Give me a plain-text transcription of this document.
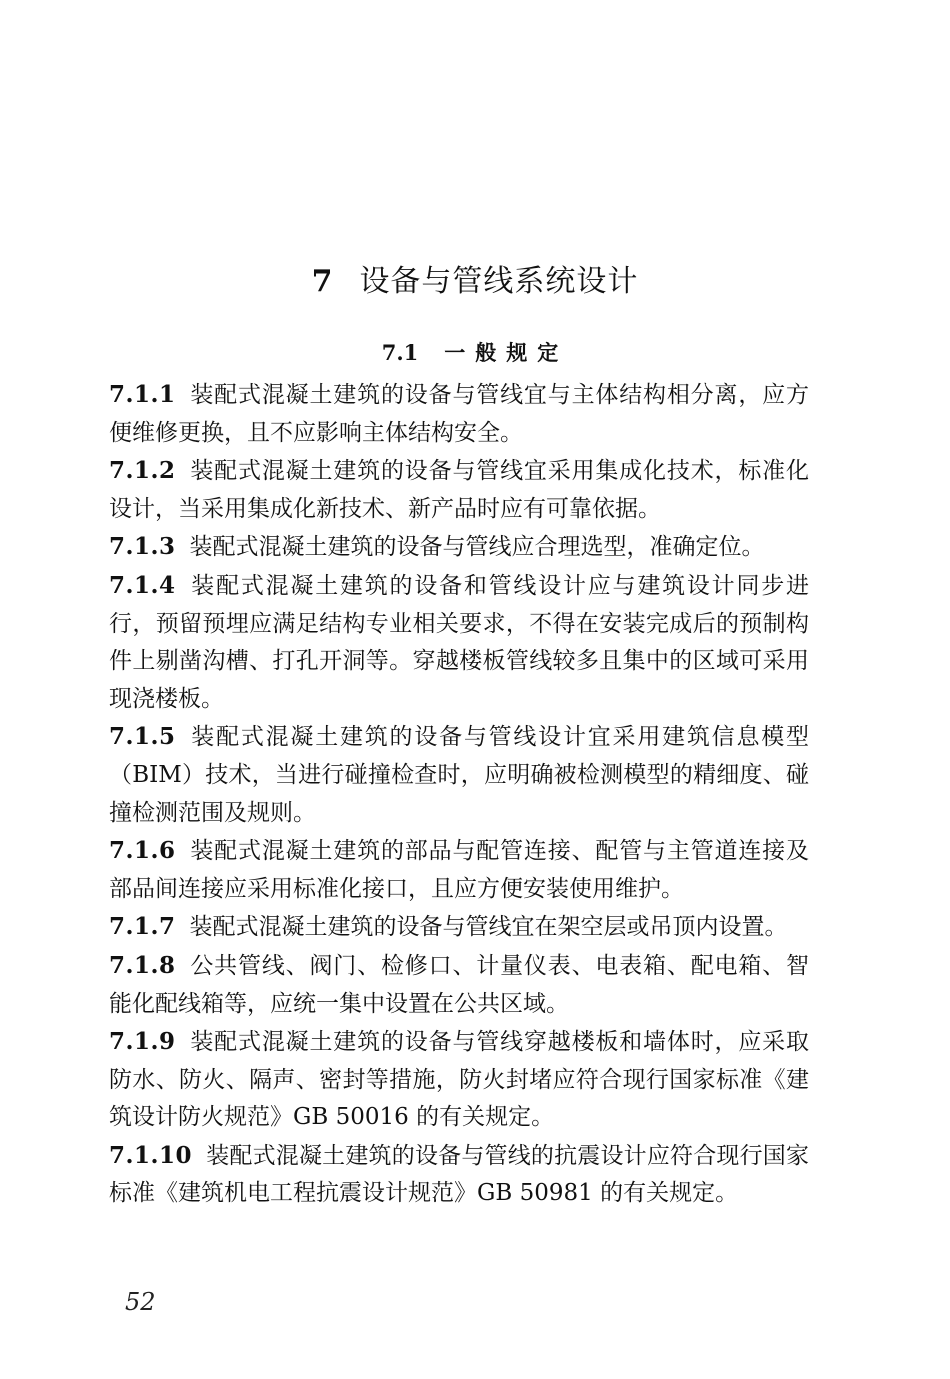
7 设备与管线系统设计
7.1 一般规定

7.1.1 装配式混凝土建筑的设备与管线宜与主体结构相分离，应方便维修更换，且不应影响主体结构安全。

7.1.2 装配式混凝土建筑的设备与管线宜采用集成化技术，标准化设计，当采用集成化新技术、新产品时应有可靠依据。

7.1.3 装配式混凝土建筑的设备与管线应合理选型，准确定位。

7.1.4 装配式混凝土建筑的设备和管线设计应与建筑设计同步进行，预留预埋应满足结构专业相关要求，不得在安装完成后的预制构件上剔凿沟槽、打孔开洞等。穿越楼板管线较多且集中的区域可采用现浇楼板。

7.1.5 装配式混凝土建筑的设备与管线设计宜采用建筑信息模型（BIM）技术，当进行碰撞检查时，应明确被检测模型的精细度、碰撞检测范围及规则。

7.1.6 装配式混凝土建筑的部品与配管连接、配管与主管道连接及部品间连接应采用标准化接口，且应方便安装使用维护。

7.1.7 装配式混凝土建筑的设备与管线宜在架空层或吊顶内设置。

7.1.8 公共管线、阀门、检修口、计量仪表、电表箱、配电箱、智能化配线箱等，应统一集中设置在公共区域。

7.1.9 装配式混凝土建筑的设备与管线穿越楼板和墙体时，应采取防水、防火、隔声、密封等措施，防火封堵应符合现行国家标准《建筑设计防火规范》GB 50016 的有关规定。

7.1.10 装配式混凝土建筑的设备与管线的抗震设计应符合现行国家标准《建筑机电工程抗震设计规范》GB 50981 的有关规定。

52
